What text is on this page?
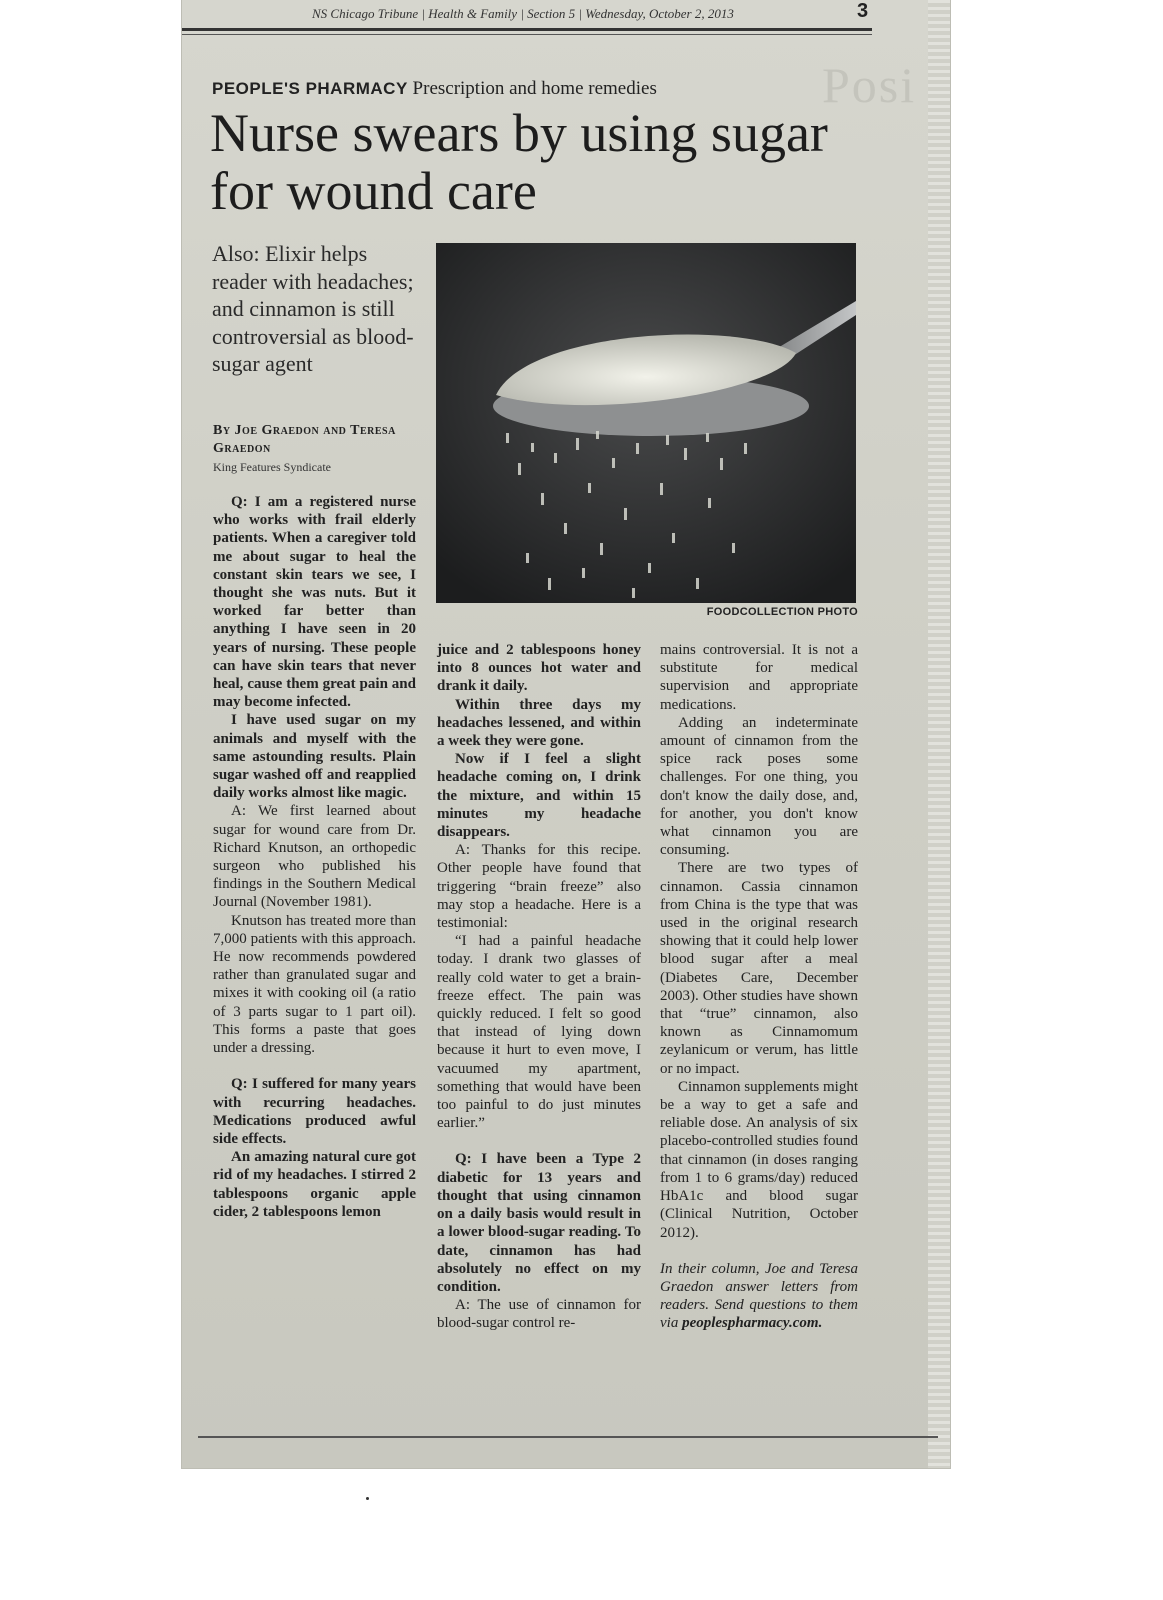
NS Chicago Tribune | Health & Family | Section 5 | Wednesday, October 2, 2013	3
Posi
PEOPLE'S PHARMACY Prescription and home remedies
Nurse swears by using sugar for wound care
Also: Elixir helps reader with headaches; and cinnamon is still controversial as blood-sugar agent
By Joe Graedon and Teresa Graedon
King Features Syndicate
FOODCOLLECTION PHOTO

Q: I am a registered nurse who works with frail elderly patients. When a caregiver told me about sugar to heal the constant skin tears we see, I thought she was nuts. But it worked far better than anything I have seen in 20 years of nursing. These people can have skin tears that never heal, cause them great pain and may become infected.

I have used sugar on my animals and myself with the same astounding results. Plain sugar washed off and reapplied daily works almost like magic.

A: We first learned about sugar for wound care from Dr. Richard Knutson, an orthopedic surgeon who published his findings in the Southern Medical Journal (November 1981).

Knutson has treated more than 7,000 patients with this approach. He now recommends powdered rather than granulated sugar and mixes it with cooking oil (a ratio of 3 parts sugar to 1 part oil). This forms a paste that goes under a dressing.

Q: I suffered for many years with recurring headaches. Medications produced awful side effects.

An amazing natural cure got rid of my headaches. I stirred 2 tablespoons organic apple cider, 2 tablespoons lemon

juice and 2 tablespoons honey into 8 ounces hot water and drank it daily.

Within three days my headaches lessened, and within a week they were gone.

Now if I feel a slight headache coming on, I drink the mixture, and within 15 minutes my headache disappears.

A: Thanks for this recipe. Other people have found that triggering “brain freeze” also may stop a headache. Here is a testimonial:

“I had a painful headache today. I drank two glasses of really cold water to get a brain-freeze effect. The pain was quickly reduced. I felt so good that instead of lying down because it hurt to even move, I vacuumed my apartment, something that would have been too painful to do just minutes earlier.”

Q: I have been a Type 2 diabetic for 13 years and thought that using cinnamon on a daily basis would result in a lower blood-sugar reading. To date, cinnamon has had absolutely no effect on my condition.

A: The use of cinnamon for blood-sugar control re-

mains controversial. It is not a substitute for medical supervision and appropriate medications.

Adding an indeterminate amount of cinnamon from the spice rack poses some challenges. For one thing, you don't know the daily dose, and, for another, you don't know what cinnamon you are consuming.

There are two types of cinnamon. Cassia cinnamon from China is the type that was used in the original research showing that it could help lower blood sugar after a meal (Diabetes Care, December 2003). Other studies have shown that “true” cinnamon, also known as Cinnamomum zeylanicum or verum, has little or no impact.

Cinnamon supplements might be a way to get a safe and reliable dose. An analysis of six placebo-controlled studies found that cinnamon (in doses ranging from 1 to 6 grams/day) reduced HbA1c and blood sugar (Clinical Nutrition, October 2012).

In their column, Joe and Teresa Graedon answer letters from readers. Send questions to them via peoplespharmacy.com.
